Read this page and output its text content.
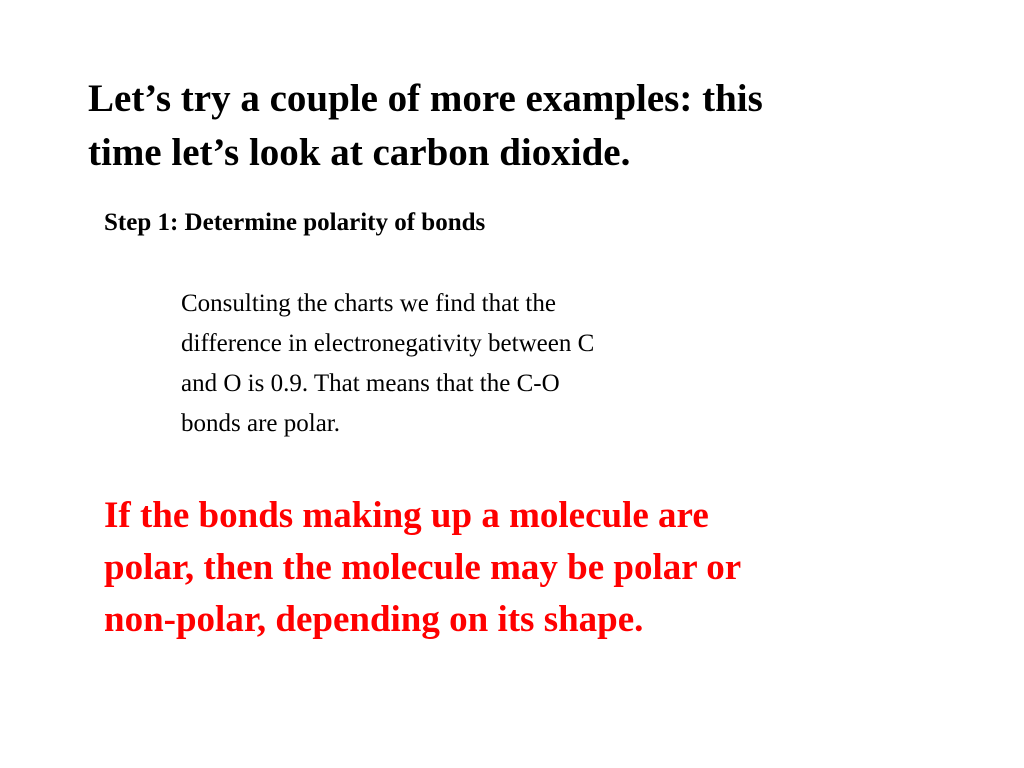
Let’s try a couple of more examples: this
time let’s look at carbon dioxide.
Step 1: Determine polarity of bonds

Consulting the charts we find that the
difference in electronegativity between C
and O is 0.9. That means that the C-O
bonds are polar.

If the bonds making up a molecule are
polar, then the molecule may be polar or
non-polar, depending on its shape.
